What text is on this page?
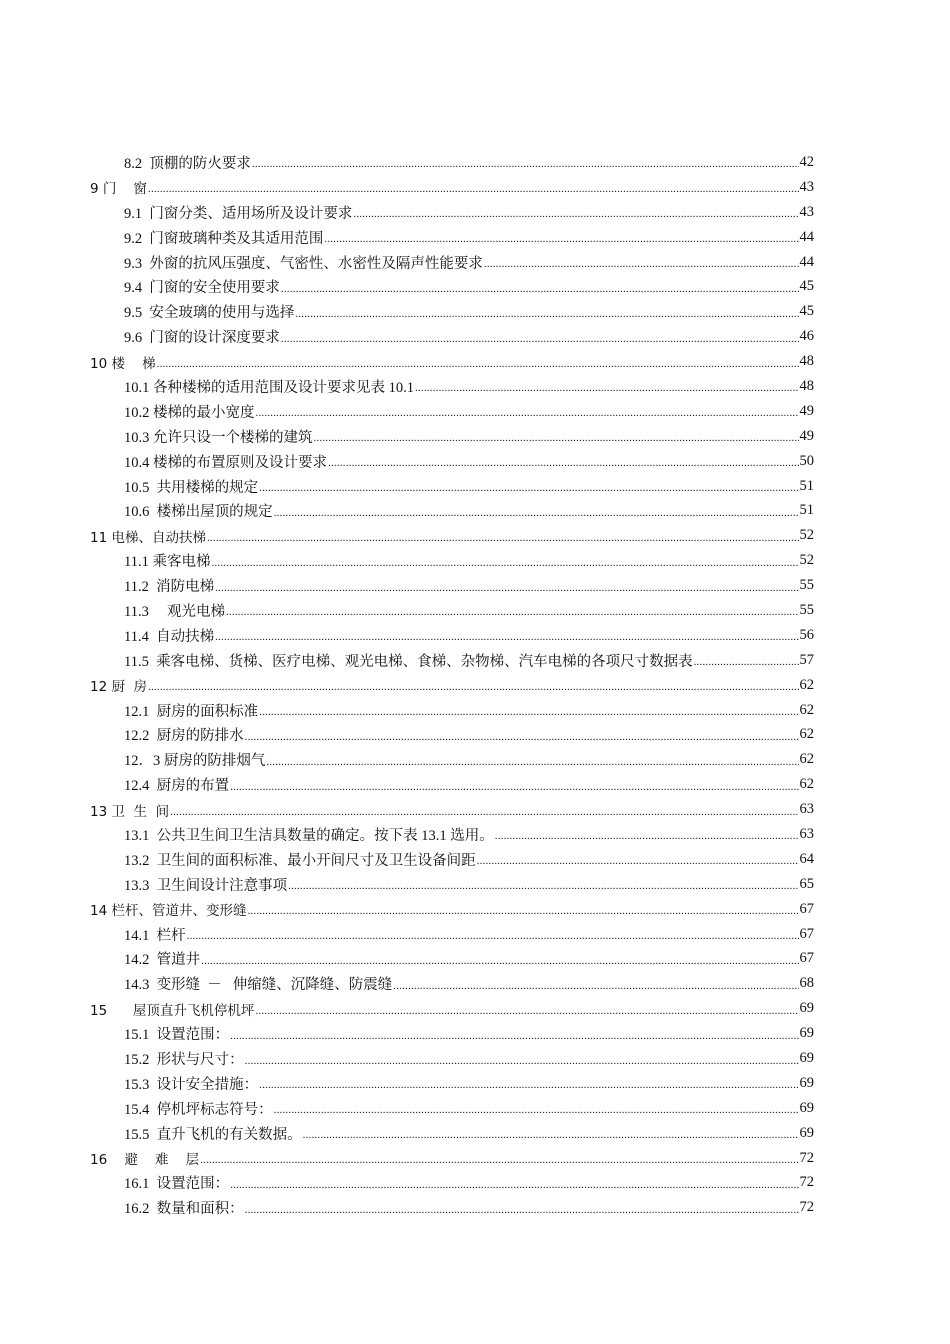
8.2  顶棚的防火要求 .....	42
9 门    窗 .....	43
9.1  门窗分类、适用场所及设计要求 .....	43
9.2  门窗玻璃种类及其适用范围 .....	44
9.3  外窗的抗风压强度、气密性、水密性及隔声性能要求 .....	44
9.4  门窗的安全使用要求 .....	45
9.5  安全玻璃的使用与选择 .....	45
9.6  门窗的设计深度要求 .....	46
10 楼    梯 .....	48
10.1 各种楼梯的适用范围及设计要求见表 10.1 .....	48
10.2 楼梯的最小宽度 .....	49
10.3 允许只设一个楼梯的建筑 .....	49
10.4 楼梯的布置原则及设计要求 .....	50
10.5  共用楼梯的规定 .....	51
10.6  楼梯出屋顶的规定 .....	51
11 电梯、自动扶梯 .....	52
11.1 乘客电梯 .....	52
11.2  消防电梯 .....	55
11.3     观光电梯 .....	55
11.4  自动扶梯 .....	56
11.5  乘客电梯、货梯、医疗电梯、观光电梯、食梯、杂物梯、汽车电梯的各项尺寸数据表 .....	57
12 厨  房 .....	62
12.1  厨房的面积标准 .....	62
12.2  厨房的防排水 .....	62
12．3 厨房的防排烟气 .....	62
12.4  厨房的布置 .....	62
13 卫  生  间 .....	63
13.1  公共卫生间卫生洁具数量的确定。按下表 13.1 选用。 .....	63
13.2  卫生间的面积标准、最小开间尺寸及卫生设备间距 .....	64
13.3  卫生间设计注意事项 .....	65
14 栏杆、管道井、变形缝 .....	67
14.1  栏杆 .....	67
14.2  管道井 .....	67
14.3  变形缝  －   伸缩缝、沉降缝、防震缝 .....	68
15      屋顶直升飞机停机坪 .....	69
15.1  设置范围： .....	69
15.2  形状与尺寸： .....	69
15.3  设计安全措施： .....	69
15.4  停机坪标志符号： .....	69
15.5  直升飞机的有关数据。 .....	69
16    避    难    层 .....	72
16.1  设置范围： .....	72
16.2  数量和面积： .....	72
